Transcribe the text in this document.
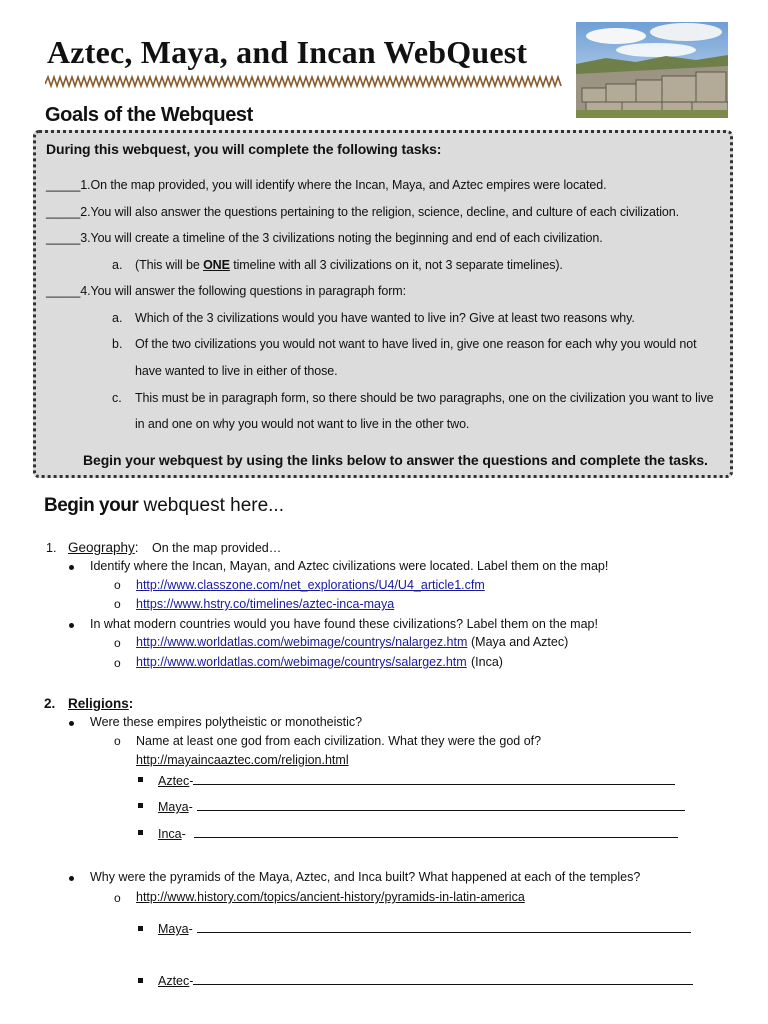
Aztec, Maya, and Incan WebQuest
Goals of the Webquest
During this webquest, you will complete the following tasks:
_____1.On the map provided, you will identify where the Incan, Maya, and Aztec empires were located.
_____2.You will also answer the questions pertaining to the religion, science, decline, and culture of each civilization.
_____3.You will create a timeline of the 3 civilizations noting the beginning and end of each civilization.
a. (This will be ONE timeline with all 3 civilizations on it, not 3 separate timelines).
_____4.You will answer the following questions in paragraph form:
a. Which of the 3 civilizations would you have wanted to live in? Give at least two reasons why.
b. Of the two civilizations you would not want to have lived in, give one reason for each why you would not
have wanted to live in either of those.
c. This must be in paragraph form, so there should be two paragraphs, one on the civilization you want to live
in and one on why you would not want to live in the other two.
Begin your webquest by using the links below to answer the questions and complete the tasks.
Begin your webquest here...
1. Geography: On the map provided…
Identify where the Incan, Mayan, and Aztec civilizations were located. Label them on the map!
o http://www.classzone.com/net_explorations/U4/U4_article1.cfm
o https://www.hstry.co/timelines/aztec-inca-maya
In what modern countries would you have found these civilizations? Label them on the map!
o http://www.worldatlas.com/webimage/countrys/nalargez.htm (Maya and Aztec)
o http://www.worldatlas.com/webimage/countrys/salargez.htm (Inca)
2. Religions:
Were these empires polytheistic or monotheistic?
o Name at least one god from each civilization. What they were the god of?
http://mayaincaaztec.com/religion.html
Aztec-
Maya-
Inca-
Why were the pyramids of the Maya, Aztec, and Inca built? What happened at each of the temples?
o http://www.history.com/topics/ancient-history/pyramids-in-latin-america
Maya-
Aztec-
